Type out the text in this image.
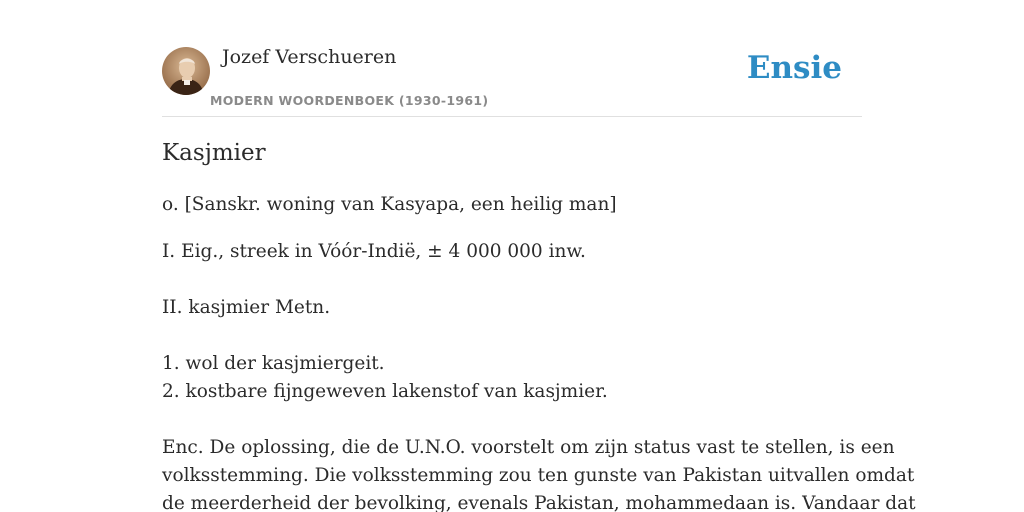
Jozef Verschueren
MODERN WOORDENBOEK (1930-1961)
Ensie
Kasjmier

o. [Sanskr. woning van Kasyapa, een heilig man]

I. Eig., streek in Vóór-Indië, ± 4 000 000 inw.

II. kasjmier Metn.

1. wol der kasjmiergeit.

2. kostbare fijngeweven lakenstof van kasjmier.

Enc. De oplossing, die de U.N.O. voorstelt om zijn status vast te stellen, is een

volksstemming. Die volksstemming zou ten gunste van Pakistan uitvallen omdat

de meerderheid der bevolking, evenals Pakistan, mohammedaan is. Vandaar dat
